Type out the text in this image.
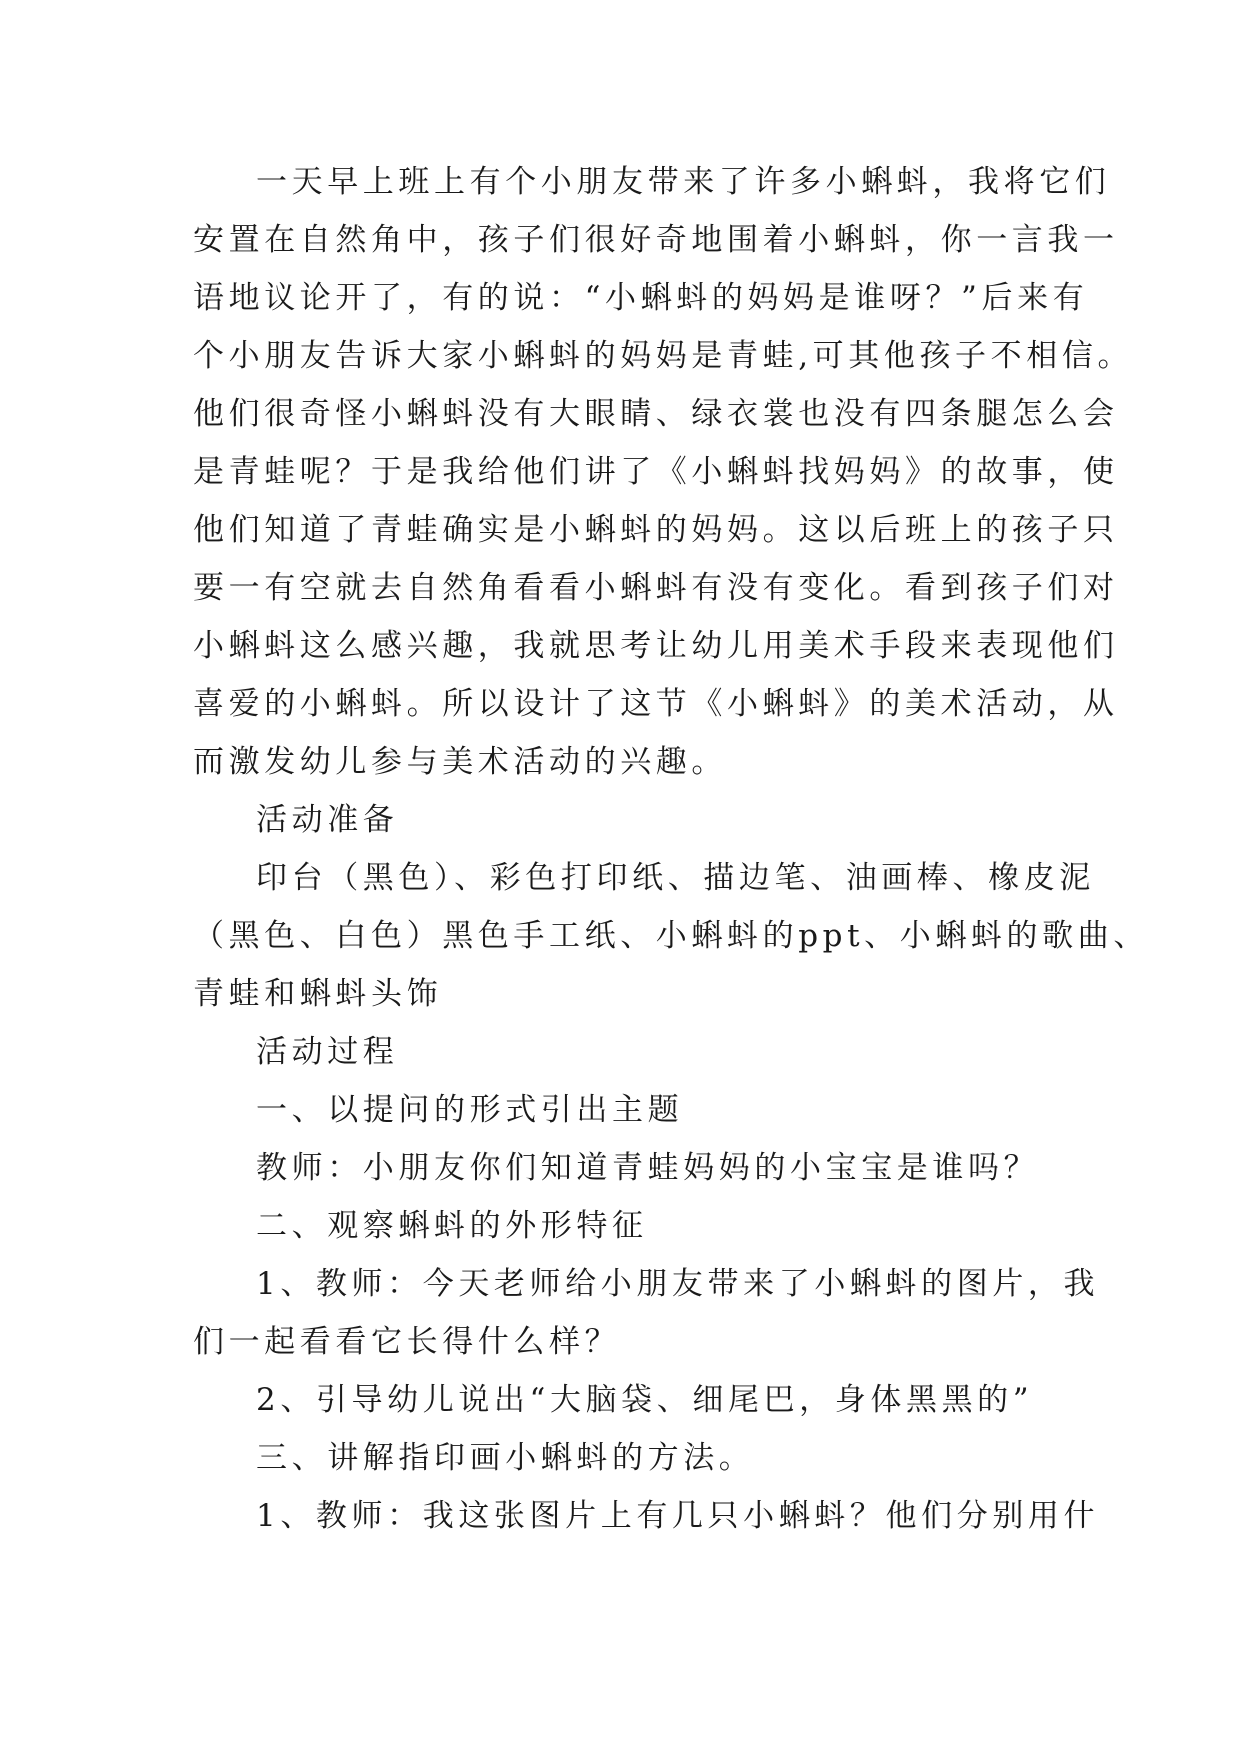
一天早上班上有个小朋友带来了许多小蝌蚪，我将它们
安置在自然角中，孩子们很好奇地围着小蝌蚪，你一言我一
语地议论开了，有的说：“小蝌蚪的妈妈是谁呀？”后来有
个小朋友告诉大家小蝌蚪的妈妈是青蛙,可其他孩子不相信。
他们很奇怪小蝌蚪没有大眼睛、绿衣裳也没有四条腿怎么会
是青蛙呢？于是我给他们讲了《小蝌蚪找妈妈》的故事，使
他们知道了青蛙确实是小蝌蚪的妈妈。这以后班上的孩子只
要一有空就去自然角看看小蝌蚪有没有变化。看到孩子们对
小蝌蚪这么感兴趣，我就思考让幼儿用美术手段来表现他们
喜爱的小蝌蚪。所以设计了这节《小蝌蚪》的美术活动，从
而激发幼儿参与美术活动的兴趣。
活动准备
印台（黑色）、彩色打印纸、描边笔、油画棒、橡皮泥
（黑色、白色）黑色手工纸、小蝌蚪的ppt、小蝌蚪的歌曲、
青蛙和蝌蚪头饰
活动过程
一、以提问的形式引出主题
教师：小朋友你们知道青蛙妈妈的小宝宝是谁吗？
二、观察蝌蚪的外形特征
1、教师：今天老师给小朋友带来了小蝌蚪的图片，我
们一起看看它长得什么样？
2、引导幼儿说出“大脑袋、细尾巴，身体黑黑的”
三、讲解指印画小蝌蚪的方法。
1、教师：我这张图片上有几只小蝌蚪？他们分别用什
